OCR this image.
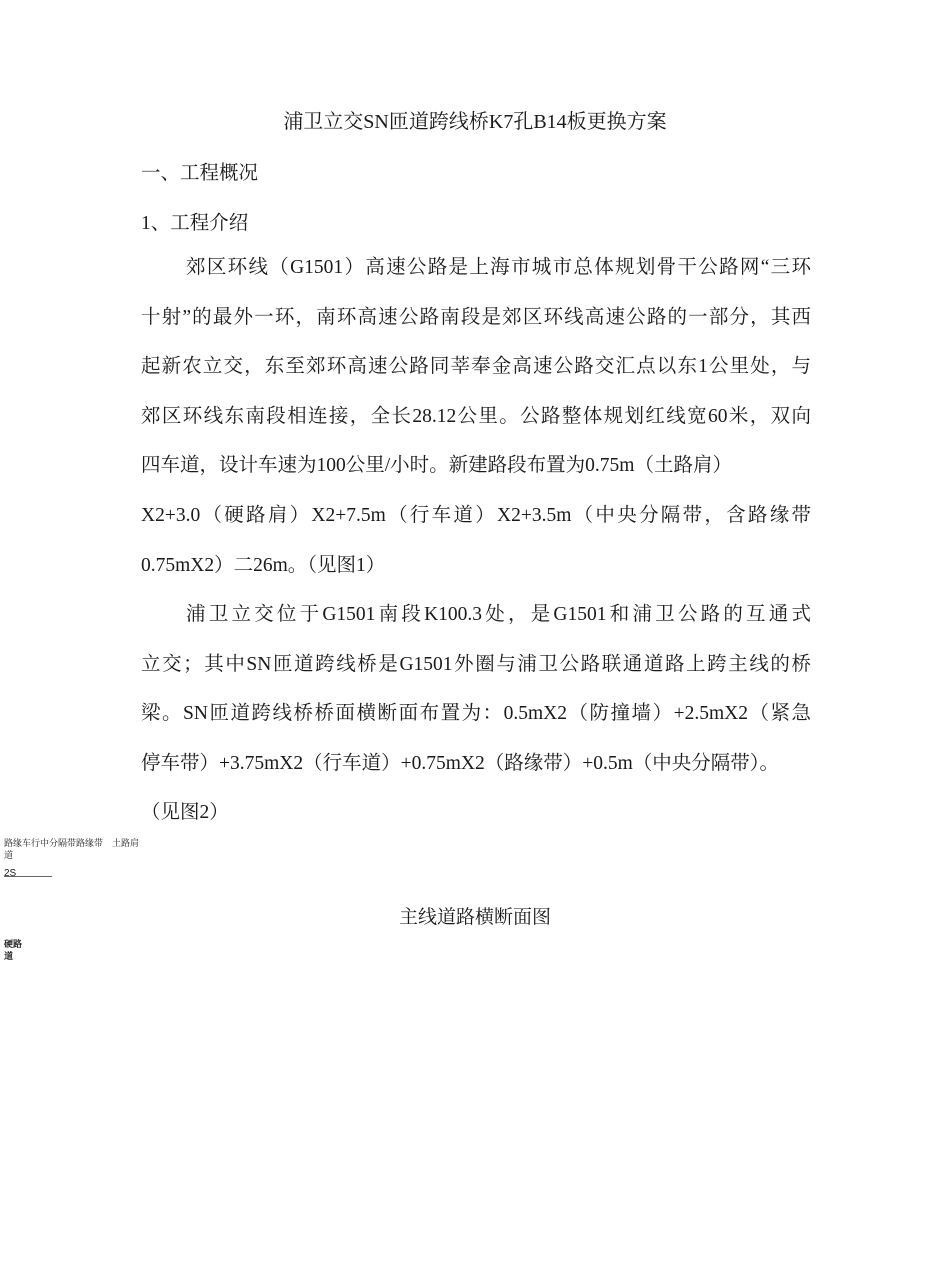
浦卫立交SN匝道跨线桥K7孔B14板更换方案
一、工程概况
1、工程介绍
郊区环线（G1501）高速公路是上海市城市总体规划骨干公路网“三环
十射”的最外一环，南环高速公路南段是郊区环线高速公路的一部分，其西
起新农立交，东至郊环高速公路同莘奉金高速公路交汇点以东1公里处，与
郊区环线东南段相连接，全长28.12公里。公路整体规划红线宽60米，双向
四车道，设计车速为100公里/小时。新建路段布置为0.75m（土路肩）
X2+3.0（硬路肩）X2+7.5m（行车道）X2+3.5m（中央分隔带，含路缘带
0.75mX2）二26m。（见图1）
浦卫立交位于G1501南段K100.3处，是G1501和浦卫公路的互通式
立交；其中SN匝道跨线桥是G1501外圈与浦卫公路联通道路上跨主线的桥
梁。SN匝道跨线桥桥面横断面布置为：0.5mX2（防撞墙）+2.5mX2（紧急
停车带）+3.75mX2（行车道）+0.75mX2（路缘带）+0.5m（中央分隔带）。
（见图2）
路缘车行中分隔带路缘带　土路肩
道
2S
硬路
道
主线道路横断面图
